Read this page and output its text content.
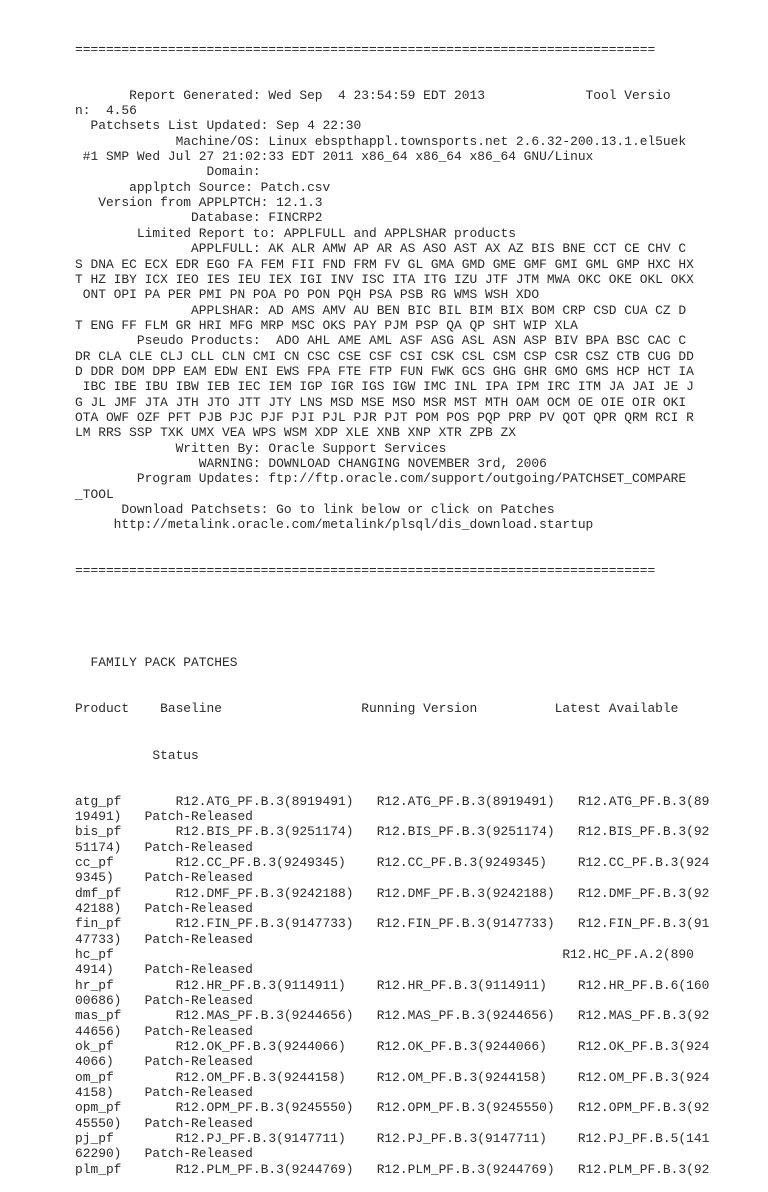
===========================================================================

Report Generated: Wed Sep  4 23:54:59 EDT 2013             Tool Versio
n:  4.56
Patchsets List Updated: Sep 4 22:30
Machine/OS: Linux ebspthappl.townsports.net 2.6.32-200.13.1.el5uek
#1 SMP Wed Jul 27 21:02:33 EDT 2011 x86_64 x86_64 x86_64 GNU/Linux
Domain:
applptch Source: Patch.csv
Version from APPLPTCH: 12.1.3
Database: FINCRP2
Limited Report to: APPLFULL and APPLSHAR products
APPLFULL: AK ALR AMW AP AR AS ASO AST AX AZ BIS BNE CCT CE CHV C
S DNA EC ECX EDR EGO FA FEM FII FND FRM FV GL GMA GMD GME GMF GMI GML GMP HXC HX
T HZ IBY ICX IEO IES IEU IEX IGI INV ISC ITA ITG IZU JTF JTM MWA OKC OKE OKL OKX
ONT OPI PA PER PMI PN POA PO PON PQH PSA PSB RG WMS WSH XDO
APPLSHAR: AD AMS AMV AU BEN BIC BIL BIM BIX BOM CRP CSD CUA CZ D
T ENG FF FLM GR HRI MFG MRP MSC OKS PAY PJM PSP QA QP SHT WIP XLA
Pseudo Products:  ADO AHL AME AML ASF ASG ASL ASN ASP BIV BPA BSC CAC C
DR CLA CLE CLJ CLL CLN CMI CN CSC CSE CSF CSI CSK CSL CSM CSP CSR CSZ CTB CUG DD
D DDR DOM DPP EAM EDW ENI EWS FPA FTE FTP FUN FWK GCS GHG GHR GMO GMS HCP HCT IA
IBC IBE IBU IBW IEB IEC IEM IGP IGR IGS IGW IMC INL IPA IPM IRC ITM JA JAI JE J
G JL JMF JTA JTH JTO JTT JTY LNS MSD MSE MSO MSR MST MTH OAM OCM OE OIE OIR OKI
OTA OWF OZF PFT PJB PJC PJF PJI PJL PJR PJT POM POS PQP PRP PV QOT QPR QRM RCI R
LM RRS SSP TXK UMX VEA WPS WSM XDP XLE XNB XNP XTR ZPB ZX
Written By: Oracle Support Services
WARNING: DOWNLOAD CHANGING NOVEMBER 3rd, 2006
Program Updates: ftp://ftp.oracle.com/support/outgoing/PATCHSET_COMPARE
_TOOL
Download Patchsets: Go to link below or click on Patches
http://metalink.oracle.com/metalink/plsql/dis_download.startup

===========================================================================

FAMILY PACK PATCHES

Product    Baseline                  Running Version          Latest Available

Status

atg_pf       R12.ATG_PF.B.3(8919491)   R12.ATG_PF.B.3(8919491)   R12.ATG_PF.B.3(89
19491)   Patch-Released
bis_pf       R12.BIS_PF.B.3(9251174)   R12.BIS_PF.B.3(9251174)   R12.BIS_PF.B.3(92
51174)   Patch-Released
cc_pf        R12.CC_PF.B.3(9249345)    R12.CC_PF.B.3(9249345)    R12.CC_PF.B.3(924
9345)    Patch-Released
dmf_pf       R12.DMF_PF.B.3(9242188)   R12.DMF_PF.B.3(9242188)   R12.DMF_PF.B.3(92
42188)   Patch-Released
fin_pf       R12.FIN_PF.B.3(9147733)   R12.FIN_PF.B.3(9147733)   R12.FIN_PF.B.3(91
47733)   Patch-Released
hc_pf                                                          R12.HC_PF.A.2(890
4914)    Patch-Released
hr_pf        R12.HR_PF.B.3(9114911)    R12.HR_PF.B.3(9114911)    R12.HR_PF.B.6(160
00686)   Patch-Released
mas_pf       R12.MAS_PF.B.3(9244656)   R12.MAS_PF.B.3(9244656)   R12.MAS_PF.B.3(92
44656)   Patch-Released
ok_pf        R12.OK_PF.B.3(9244066)    R12.OK_PF.B.3(9244066)    R12.OK_PF.B.3(924
4066)    Patch-Released
om_pf        R12.OM_PF.B.3(9244158)    R12.OM_PF.B.3(9244158)    R12.OM_PF.B.3(924
4158)    Patch-Released
opm_pf       R12.OPM_PF.B.3(9245550)   R12.OPM_PF.B.3(9245550)   R12.OPM_PF.B.3(92
45550)   Patch-Released
pj_pf        R12.PJ_PF.B.3(9147711)    R12.PJ_PF.B.3(9147711)    R12.PJ_PF.B.5(141
62290)   Patch-Released
plm_pf       R12.PLM_PF.B.3(9244769)   R12.PLM_PF.B.3(9244769)   R12.PLM_PF.B.3(92
